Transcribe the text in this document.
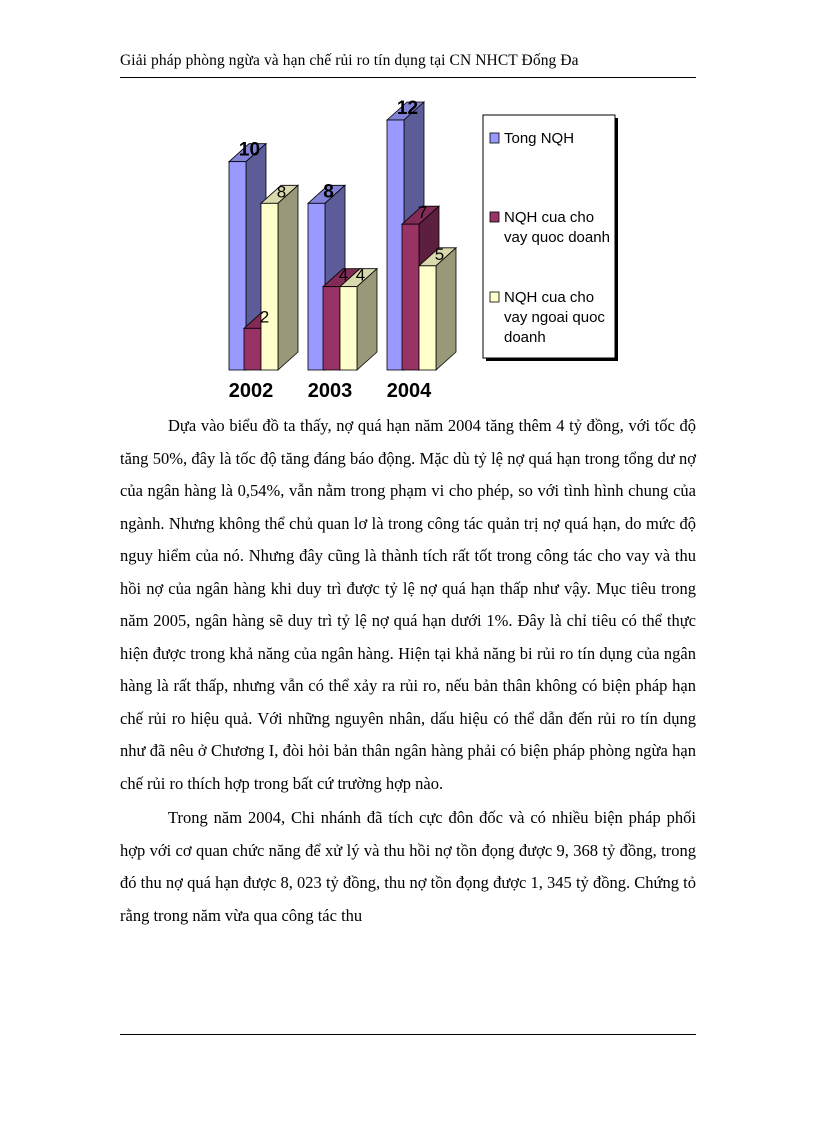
Giải pháp phòng ngừa và hạn chế rủi ro tín dụng tại CN NHCT Đống Đa
10
2
8
2002
8
4 4
2003
12
7
5
2004
Tong NQH
NQH cua cho
vay quoc doanh
NQH cua cho
vay ngoai quoc
doanh

Dựa vào biểu đồ ta thấy, nợ quá hạn năm 2004 tăng thêm 4 tỷ đồng, với tốc độ tăng 50%, đây là tốc độ tăng đáng báo động. Mặc dù tỷ lệ nợ quá hạn trong tổng dư nợ của ngân hàng là 0,54%, vẫn nằm trong phạm vi cho phép, so với tình hình chung của ngành. Nhưng không thể chủ quan lơ là trong công tác quản trị nợ quá hạn, do mức độ nguy hiểm của nó. Nhưng đây cũng là thành tích rất tốt trong công tác cho vay và thu hồi nợ của ngân hàng khi duy trì được tỷ lệ nợ quá hạn thấp như vậy. Mục tiêu trong năm 2005, ngân hàng sẽ duy trì tỷ lệ nợ quá hạn dưới 1%. Đây là chỉ tiêu có thể thực hiện được trong khả năng của ngân hàng. Hiện tại khả năng bi rủi ro tín dụng của ngân hàng là rất thấp, nhưng vẫn có thể xảy ra rủi ro, nếu bản thân không có biện pháp hạn chế rủi ro hiệu quả. Với những nguyên nhân, dấu hiệu có thể dẫn đến rủi ro tín dụng như đã nêu ở Chương I, đòi hỏi bản thân ngân hàng phải có biện pháp phòng ngừa hạn chế rủi ro thích hợp trong bất cứ trường hợp nào.

Trong năm 2004, Chi nhánh đã tích cực đôn đốc và có nhiều biện pháp phối hợp với cơ quan chức năng để xử lý và thu hồi nợ tồn đọng được 9, 368 tỷ đồng, trong đó thu nợ quá hạn được 8, 023 tỷ đồng, thu nợ tồn đọng được 1, 345 tỷ đồng. Chứng tỏ rằng trong năm vừa qua công tác thu
